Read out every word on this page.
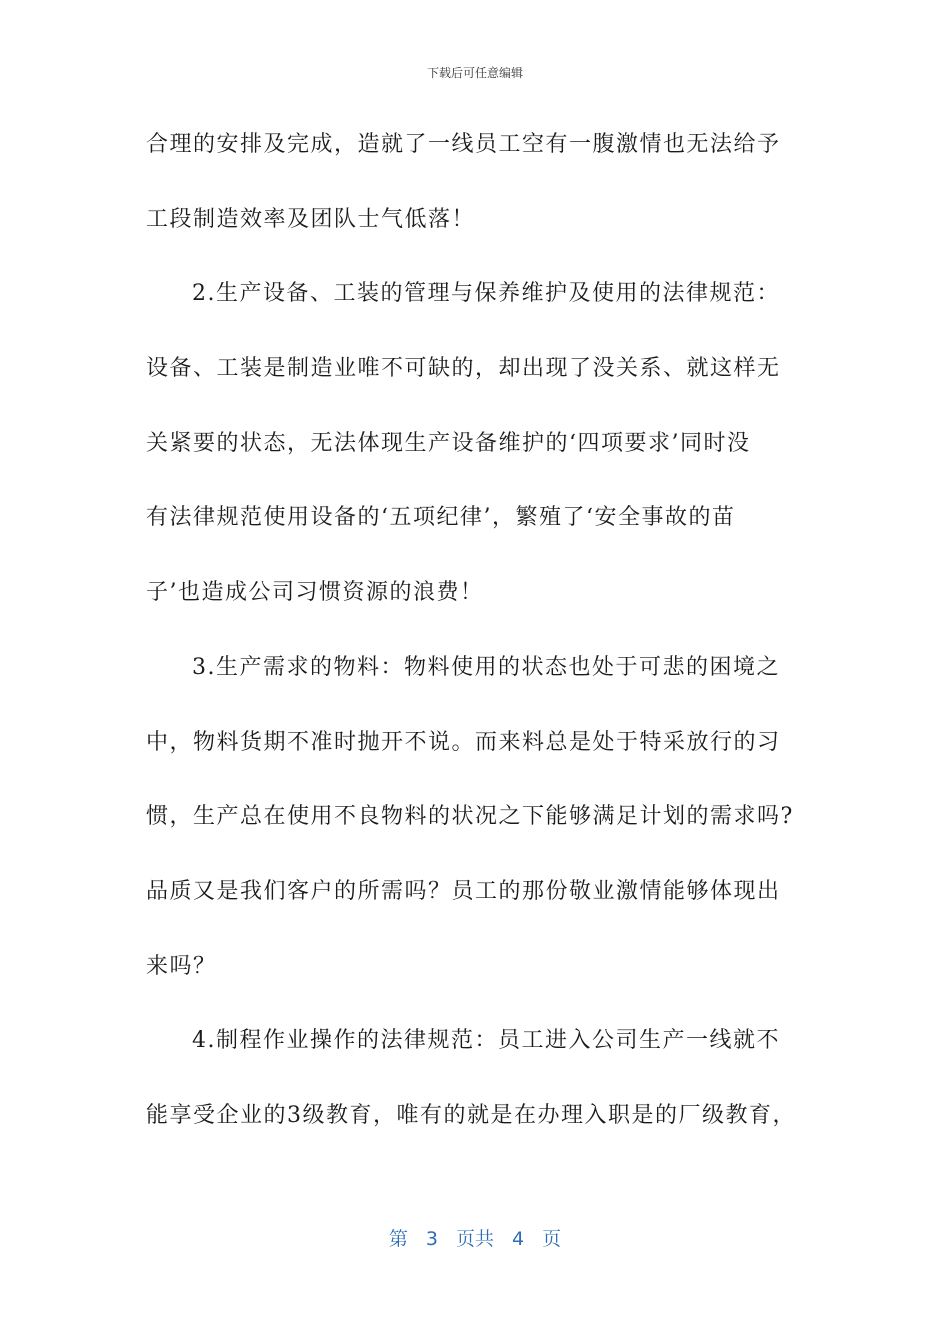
下载后可任意编辑
合理的安排及完成，造就了一线员工空有一腹激情也无法给予
工段制造效率及团队士气低落！
2.生产设备、工装的管理与保养维护及使用的法律规范：
设备、工装是制造业唯不可缺的，却出现了没关系、就这样无
关紧要的状态，无法体现生产设备维护的‘四项要求’同时没
有法律规范使用设备的‘五项纪律’，繁殖了‘安全事故的苗
子’也造成公司习惯资源的浪费！
3.生产需求的物料：物料使用的状态也处于可悲的困境之
中，物料货期不准时抛开不说。而来料总是处于特采放行的习
惯，生产总在使用不良物料的状况之下能够满足计划的需求吗?
品质又是我们客户的所需吗？员工的那份敬业激情能够体现出
来吗？
4.制程作业操作的法律规范：员工进入公司生产一线就不
能享受企业的3级教育，唯有的就是在办理入职是的厂级教育，
第 3 页共 4 页
